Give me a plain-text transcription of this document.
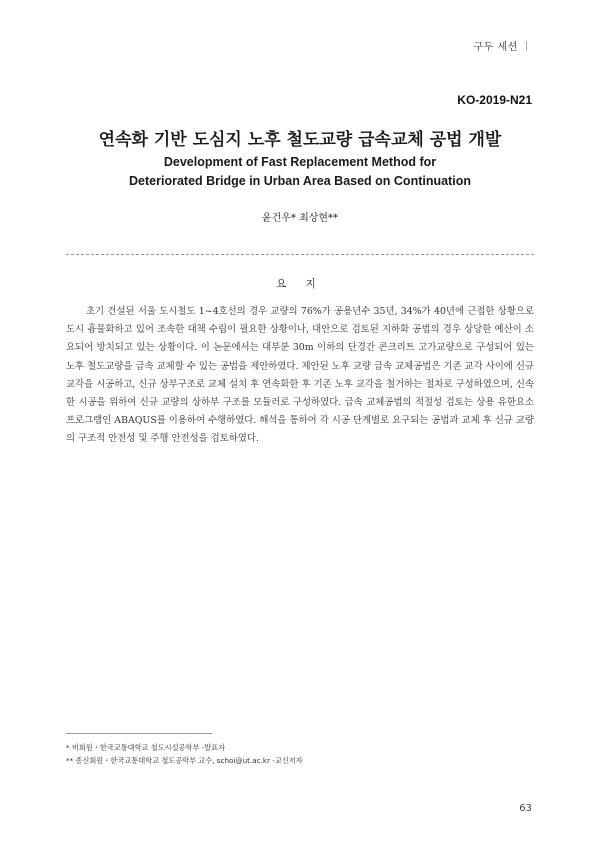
구두 세션 ｜
KO-2019-N21
연속화 기반 도심지 노후 철도교량 급속교체 공법 개발
Development of Fast Replacement Method for
Deteriorated Bridge in Urban Area Based on Continuation
윤건우* 최상현**
요 지
초기 건설된 서울 도시철도 1~4호선의 경우 교량의 76%가 공용년수 35년, 34%가 40년에 근접한 상황으로 도시 흉물화하고 있어 조속한 대책 수립이 필요한 상황이나, 대안으로 검토된 지하화 공법의 경우 상당한 예산이 소요되어 방치되고 있는 상황이다. 이 논문에서는 대부분 30m 이하의 단경간 콘크리트 고가교량으로 구성되어 있는 노후 철도교량을 급속 교체할 수 있는 공법을 제안하였다. 제안된 노후 교량 급속 교체공법은 기존 교각 사이에 신규 교각을 시공하고, 신규 상부구조로 교체 설치 후 연속화한 후 기존 노후 교각을 철거하는 절차로 구성하였으며, 신속한 시공을 위하여 신규 교량의 상하부 구조를 모듈러로 구성하였다. 급속 교체공법의 적절성 검토는 상용 유한요소 프로그램인 ABAQUS를 이용하여 수행하였다. 해석을 통하여 각 시공 단계별로 요구되는 공법과 교체 후 신규 교량의 구조적 안전성 및 주행 안전성을 검토하였다.
* 비회원・한국교통대학교 철도시설공학부 -발표자
** 종신회원・한국교통대학교 철도공학부 교수, schoi@ut.ac.kr -교신저자
63
